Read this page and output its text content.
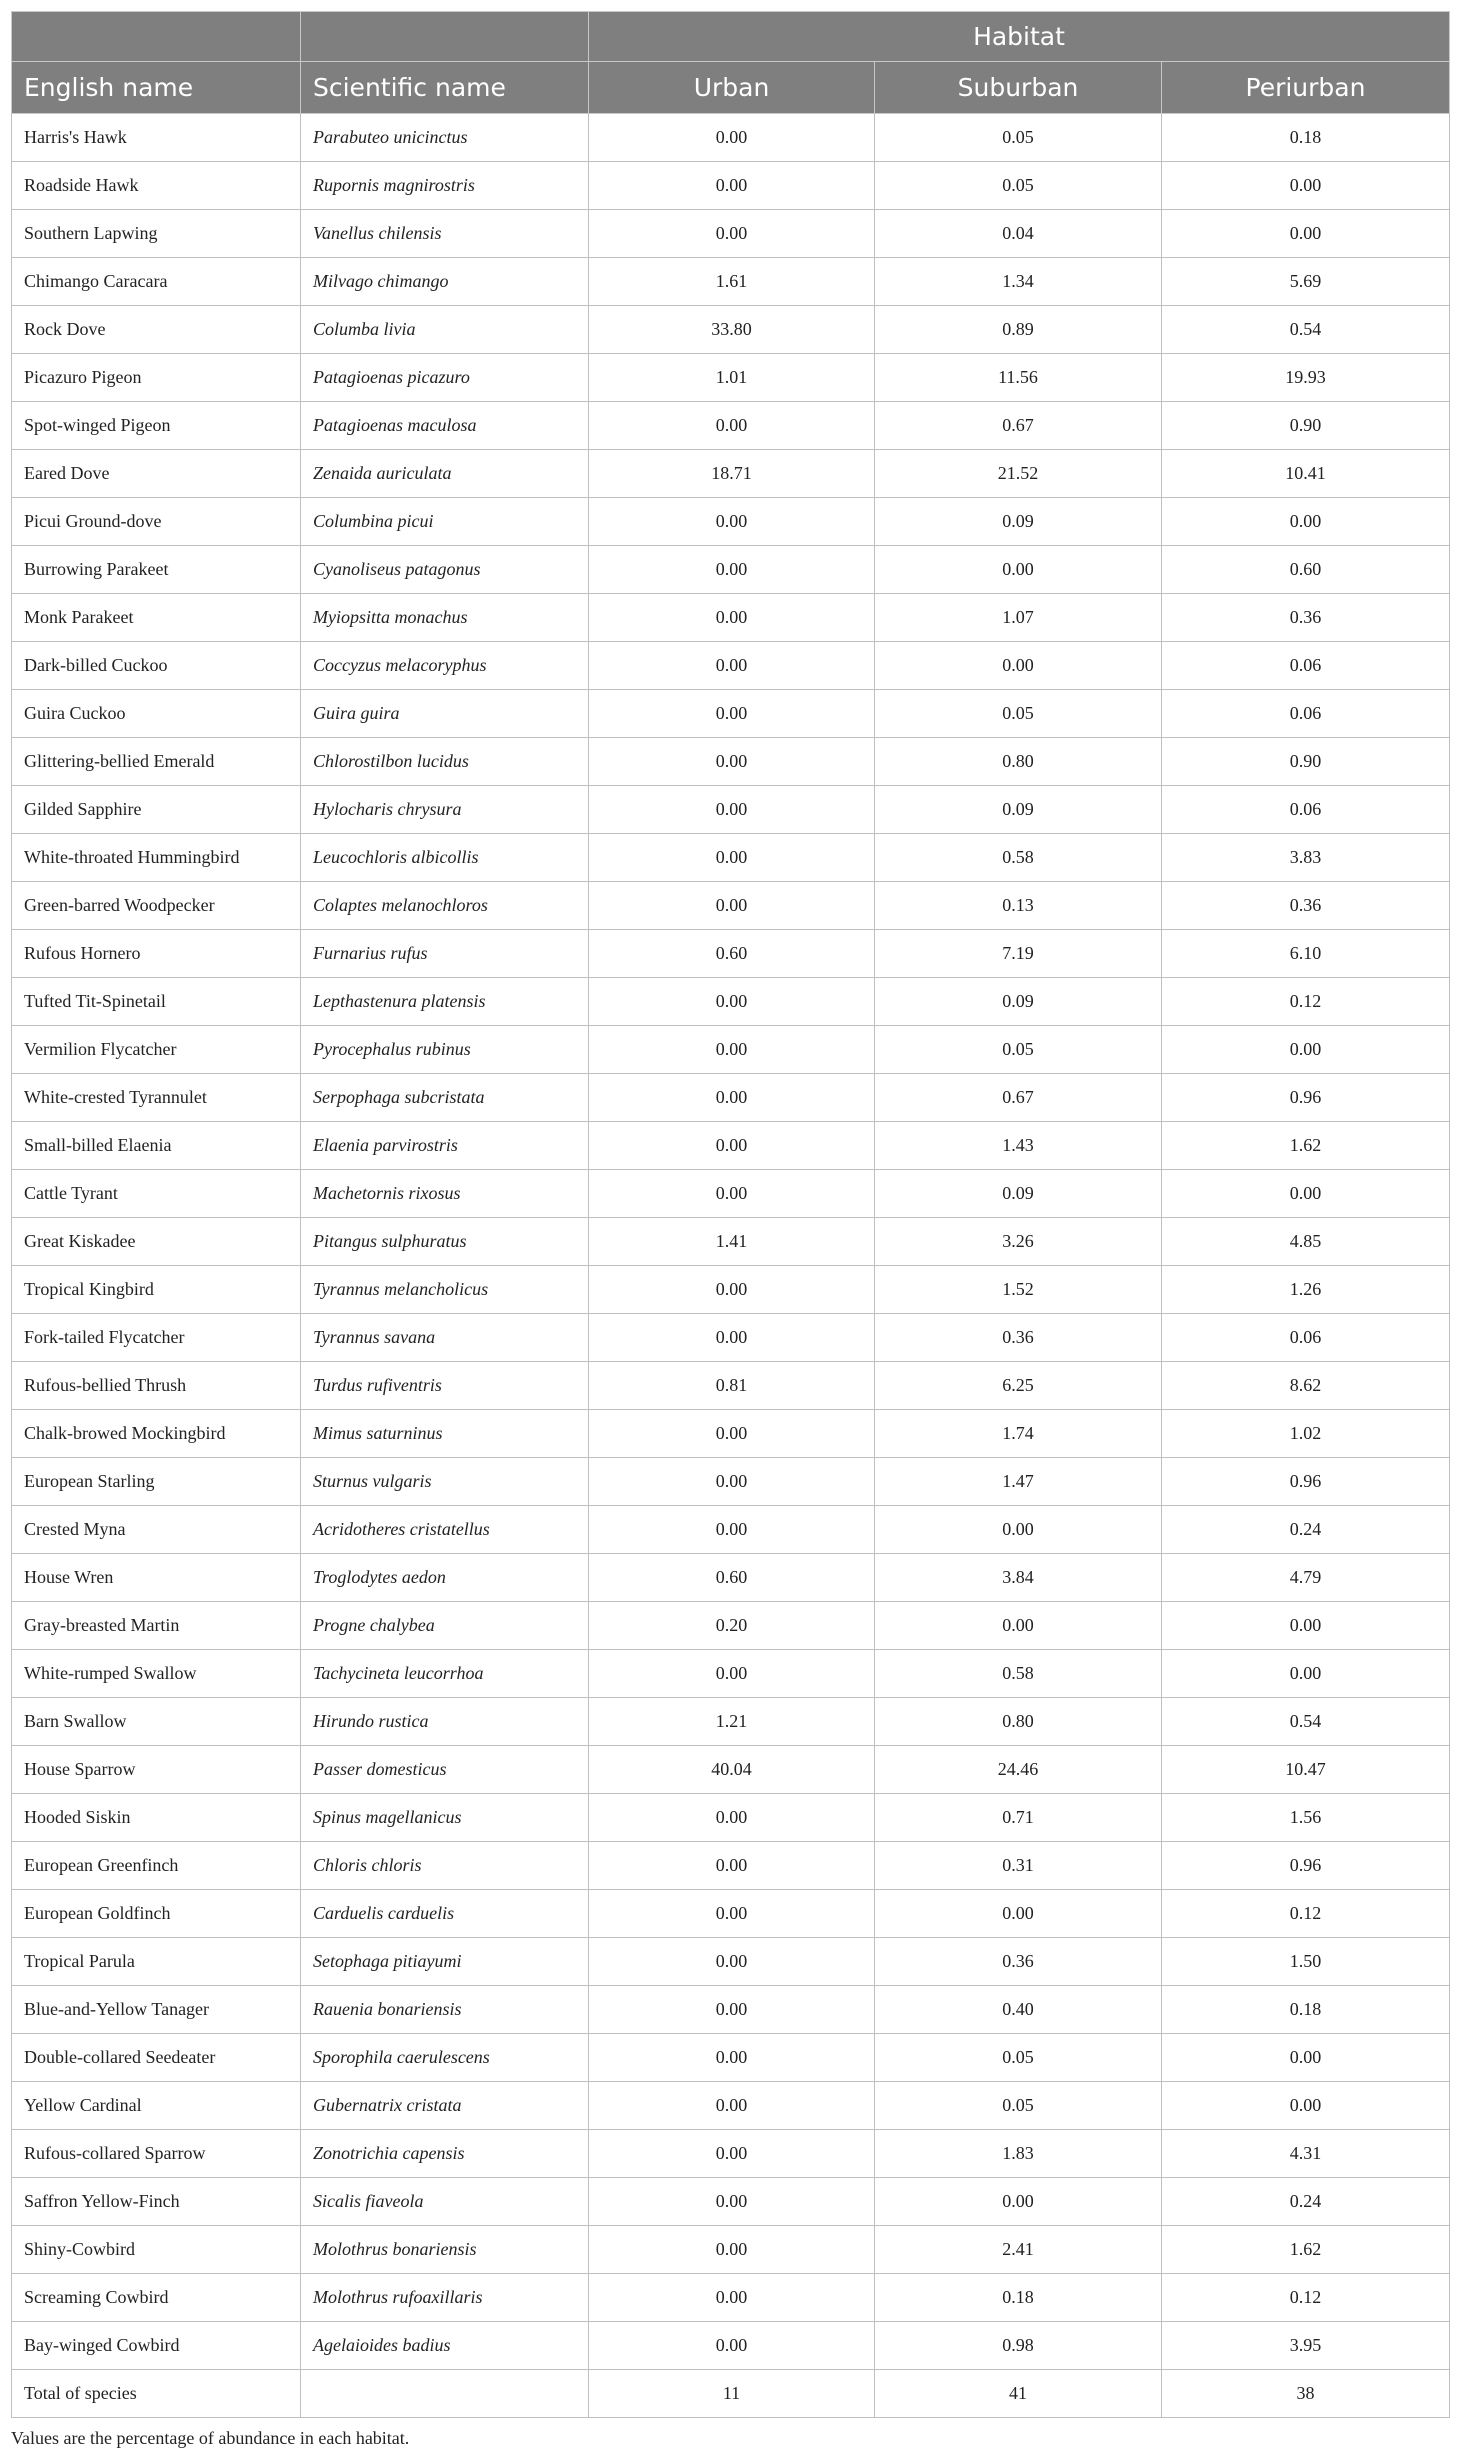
		Habitat		
English name	Scientific name	Urban	Suburban	Periurban
Harris's Hawk	Parabuteo unicinctus	0.00	0.05	0.18
Roadside Hawk	Rupornis magnirostris	0.00	0.05	0.00
Southern Lapwing	Vanellus chilensis	0.00	0.04	0.00
Chimango Caracara	Milvago chimango	1.61	1.34	5.69
Rock Dove	Columba livia	33.80	0.89	0.54
Picazuro Pigeon	Patagioenas picazuro	1.01	11.56	19.93
Spot-winged Pigeon	Patagioenas maculosa	0.00	0.67	0.90
Eared Dove	Zenaida auriculata	18.71	21.52	10.41
Picui Ground-dove	Columbina picui	0.00	0.09	0.00
Burrowing Parakeet	Cyanoliseus patagonus	0.00	0.00	0.60
Monk Parakeet	Myiopsitta monachus	0.00	1.07	0.36
Dark-billed Cuckoo	Coccyzus melacoryphus	0.00	0.00	0.06
Guira Cuckoo	Guira guira	0.00	0.05	0.06
Glittering-bellied Emerald	Chlorostilbon lucidus	0.00	0.80	0.90
Gilded Sapphire	Hylocharis chrysura	0.00	0.09	0.06
White-throated Hummingbird	Leucochloris albicollis	0.00	0.58	3.83
Green-barred Woodpecker	Colaptes melanochloros	0.00	0.13	0.36
Rufous Hornero	Furnarius rufus	0.60	7.19	6.10
Tufted Tit-Spinetail	Lepthastenura platensis	0.00	0.09	0.12
Vermilion Flycatcher	Pyrocephalus rubinus	0.00	0.05	0.00
White-crested Tyrannulet	Serpophaga subcristata	0.00	0.67	0.96
Small-billed Elaenia	Elaenia parvirostris	0.00	1.43	1.62
Cattle Tyrant	Machetornis rixosus	0.00	0.09	0.00
Great Kiskadee	Pitangus sulphuratus	1.41	3.26	4.85
Tropical Kingbird	Tyrannus melancholicus	0.00	1.52	1.26
Fork-tailed Flycatcher	Tyrannus savana	0.00	0.36	0.06
Rufous-bellied Thrush	Turdus rufiventris	0.81	6.25	8.62
Chalk-browed Mockingbird	Mimus saturninus	0.00	1.74	1.02
European Starling	Sturnus vulgaris	0.00	1.47	0.96
Crested Myna	Acridotheres cristatellus	0.00	0.00	0.24
House Wren	Troglodytes aedon	0.60	3.84	4.79
Gray-breasted Martin	Progne chalybea	0.20	0.00	0.00
White-rumped Swallow	Tachycineta leucorrhoa	0.00	0.58	0.00
Barn Swallow	Hirundo rustica	1.21	0.80	0.54
House Sparrow	Passer domesticus	40.04	24.46	10.47
Hooded Siskin	Spinus magellanicus	0.00	0.71	1.56
European Greenfinch	Chloris chloris	0.00	0.31	0.96
European Goldfinch	Carduelis carduelis	0.00	0.00	0.12
Tropical Parula	Setophaga pitiayumi	0.00	0.36	1.50
Blue-and-Yellow Tanager	Rauenia bonariensis	0.00	0.40	0.18
Double-collared Seedeater	Sporophila caerulescens	0.00	0.05	0.00
Yellow Cardinal	Gubernatrix cristata	0.00	0.05	0.00
Rufous-collared Sparrow	Zonotrichia capensis	0.00	1.83	4.31
Saffron Yellow-Finch	Sicalis fiaveola	0.00	0.00	0.24
Shiny-Cowbird	Molothrus bonariensis	0.00	2.41	1.62
Screaming Cowbird	Molothrus rufoaxillaris	0.00	0.18	0.12
Bay-winged Cowbird	Agelaioides badius	0.00	0.98	3.95
Total of species		11	41	38
Values are the percentage of abundance in each habitat.
